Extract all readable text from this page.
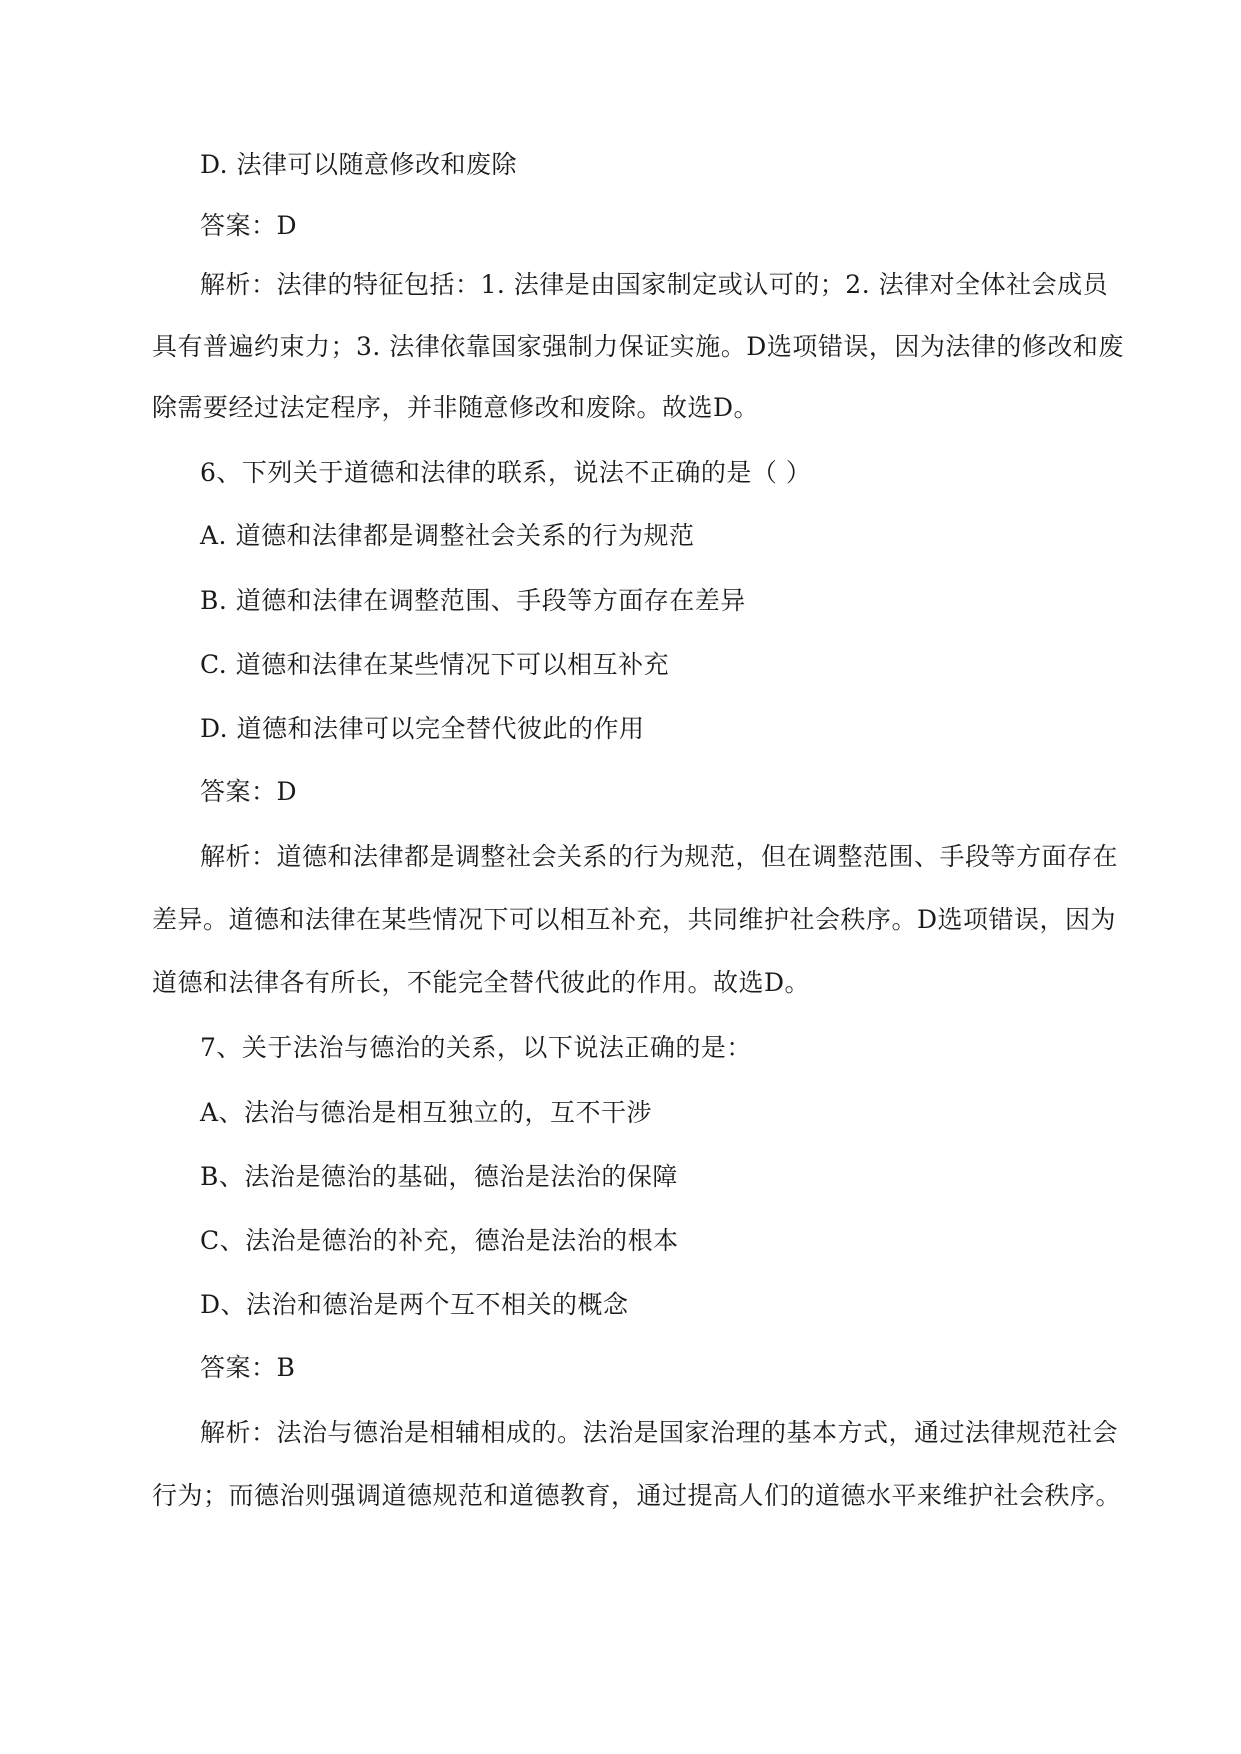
D. 法律可以随意修改和废除
答案：D
解析：法律的特征包括：1. 法律是由国家制定或认可的；2. 法律对全体社会成员
具有普遍约束力；3. 法律依靠国家强制力保证实施。D选项错误，因为法律的修改和废
除需要经过法定程序，并非随意修改和废除。故选D。
6、下列关于道德和法律的联系，说法不正确的是（ ）
A. 道德和法律都是调整社会关系的行为规范
B. 道德和法律在调整范围、手段等方面存在差异
C. 道德和法律在某些情况下可以相互补充
D. 道德和法律可以完全替代彼此的作用
答案：D
解析：道德和法律都是调整社会关系的行为规范，但在调整范围、手段等方面存在
差异。道德和法律在某些情况下可以相互补充，共同维护社会秩序。D选项错误，因为
道德和法律各有所长，不能完全替代彼此的作用。故选D。
7、关于法治与德治的关系，以下说法正确的是：
A、法治与德治是相互独立的，互不干涉
B、法治是德治的基础，德治是法治的保障
C、法治是德治的补充，德治是法治的根本
D、法治和德治是两个互不相关的概念
答案：B
解析：法治与德治是相辅相成的。法治是国家治理的基本方式，通过法律规范社会
行为；而德治则强调道德规范和道德教育，通过提高人们的道德水平来维护社会秩序。
